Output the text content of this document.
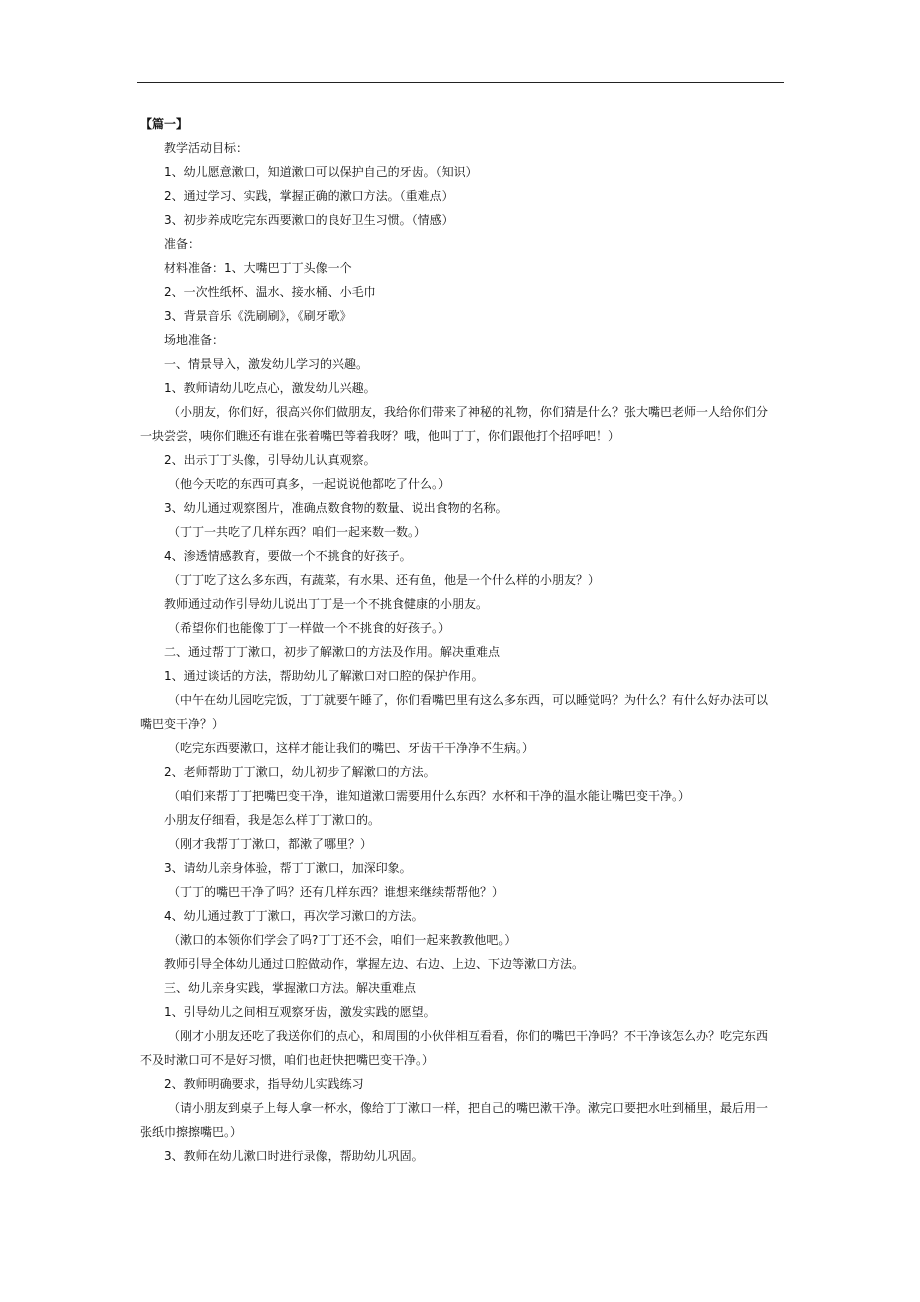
【篇一】
教学活动目标：
1、幼儿愿意漱口，知道漱口可以保护自己的牙齿。（知识）
2、通过学习、实践，掌握正确的漱口方法。（重难点）
3、初步养成吃完东西要漱口的良好卫生习惯。（情感）
准备：
材料准备：1、大嘴巴丁丁头像一个
2、一次性纸杯、温水、接水桶、小毛巾
3、背景音乐《洗刷刷》，《刷牙歌》
场地准备：
一、情景导入，激发幼儿学习的兴趣。
1、教师请幼儿吃点心，激发幼儿兴趣。
（小朋友，你们好，很高兴你们做朋友，我给你们带来了神秘的礼物，你们猜是什么？张大嘴巴老师一人给你们分
一块尝尝，咦你们瞧还有谁在张着嘴巴等着我呀？哦，他叫丁丁，你们跟他打个招呼吧！）
2、出示丁丁头像，引导幼儿认真观察。
（他今天吃的东西可真多，一起说说他都吃了什么。）
3、幼儿通过观察图片，准确点数食物的数量、说出食物的名称。
（丁丁一共吃了几样东西？咱们一起来数一数。）
4、渗透情感教育，要做一个不挑食的好孩子。
（丁丁吃了这么多东西，有蔬菜，有水果、还有鱼，他是一个什么样的小朋友？）
教师通过动作引导幼儿说出丁丁是一个不挑食健康的小朋友。
（希望你们也能像丁丁一样做一个不挑食的好孩子。）
二、通过帮丁丁漱口，初步了解漱口的方法及作用。解决重难点
1、通过谈话的方法，帮助幼儿了解漱口对口腔的保护作用。
（中午在幼儿园吃完饭，丁丁就要午睡了，你们看嘴巴里有这么多东西，可以睡觉吗？为什么？有什么好办法可以
嘴巴变干净？）
（吃完东西要漱口，这样才能让我们的嘴巴、牙齿干干净净不生病。）
2、老师帮助丁丁漱口，幼儿初步了解漱口的方法。
（咱们来帮丁丁把嘴巴变干净，谁知道漱口需要用什么东西？水杯和干净的温水能让嘴巴变干净。）
小朋友仔细看，我是怎么样丁丁漱口的。
（刚才我帮丁丁漱口，都漱了哪里？）
3、请幼儿亲身体验，帮丁丁漱口，加深印象。
（丁丁的嘴巴干净了吗？还有几样东西？谁想来继续帮帮他？）
4、幼儿通过教丁丁漱口，再次学习漱口的方法。
（漱口的本领你们学会了吗?丁丁还不会，咱们一起来教教他吧。）
教师引导全体幼儿通过口腔做动作，掌握左边、右边、上边、下边等漱口方法。
三、幼儿亲身实践，掌握漱口方法。解决重难点
1、引导幼儿之间相互观察牙齿，激发实践的愿望。
（刚才小朋友还吃了我送你们的点心，和周围的小伙伴相互看看，你们的嘴巴干净吗？不干净该怎么办？吃完东西
不及时漱口可不是好习惯，咱们也赶快把嘴巴变干净。）
2、教师明确要求，指导幼儿实践练习
（请小朋友到桌子上每人拿一杯水，像给丁丁漱口一样，把自己的嘴巴漱干净。漱完口要把水吐到桶里，最后用一
张纸巾擦擦嘴巴。）
3、教师在幼儿漱口时进行录像，帮助幼儿巩固。
